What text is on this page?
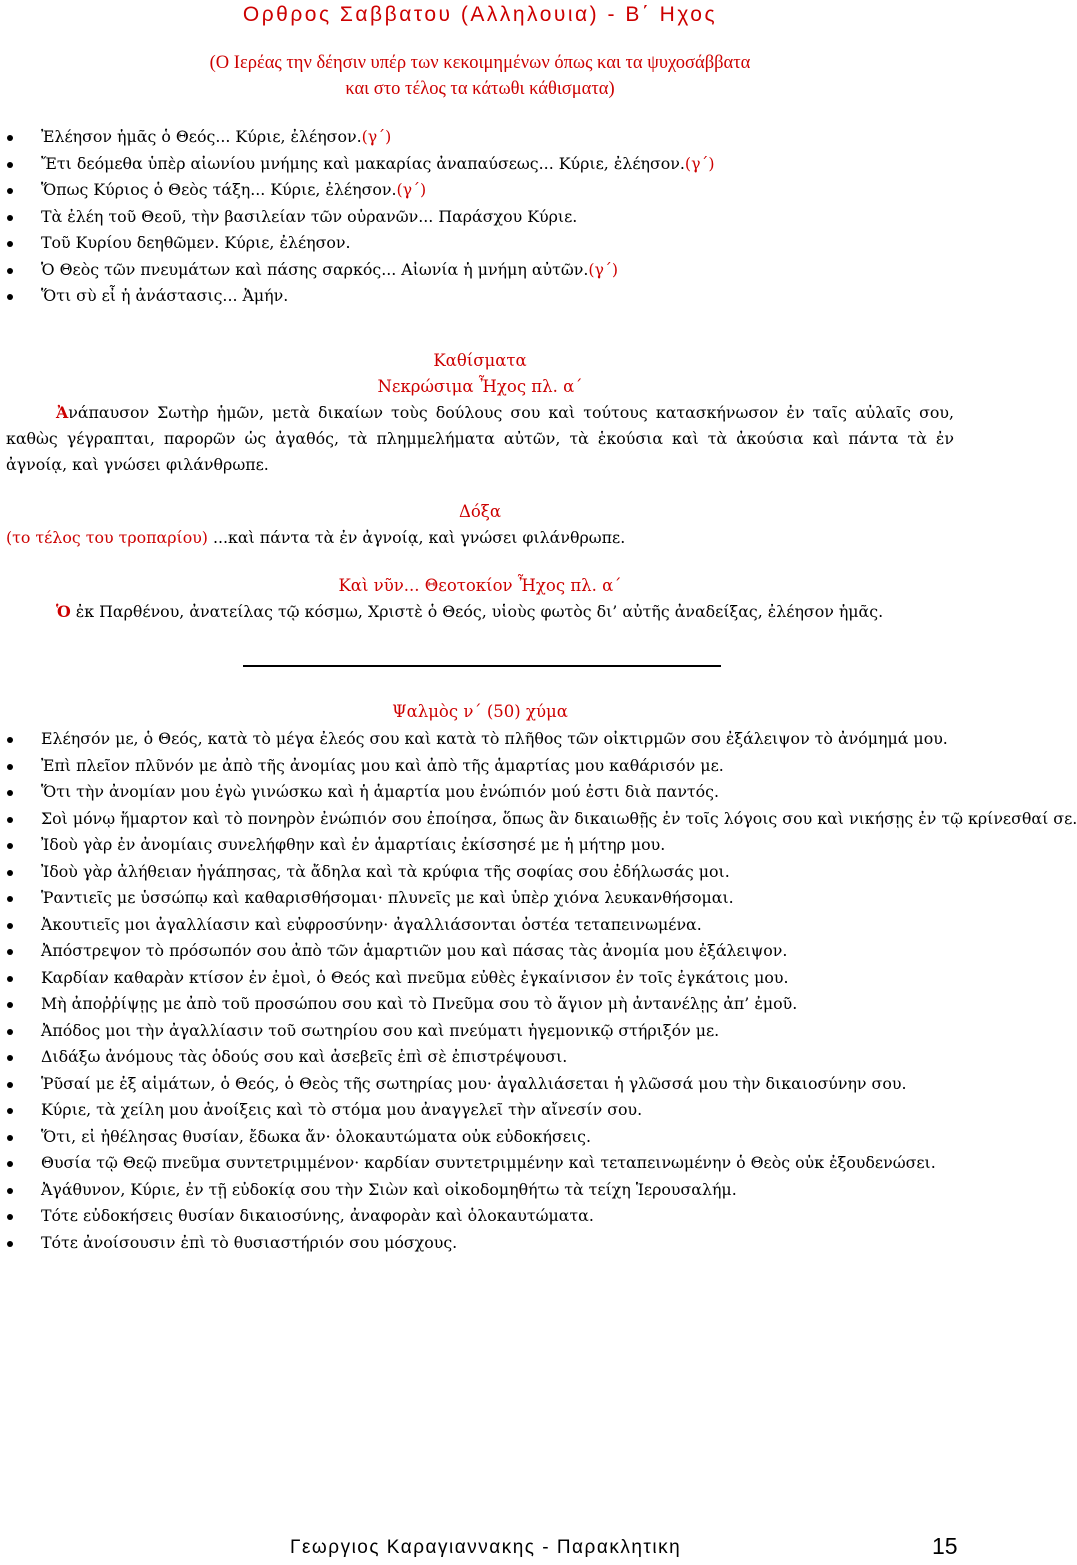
Ορθρος Σαββατου (Αλληλουια) - Β΄ Ηχος
(Ο Ιερέας την δέησιν υπέρ των κεκοιμημένων όπως και τα ψυχοσάββατα
και στο τέλος τα κάτωθι κάθισματα)
Ἐλέησον ἡμᾶς ὁ Θεός... Κύριε, ἐλέησον.(γ΄)
Ἔτι δεόμεθα ὑπὲρ αἰωνίου μνήμης καὶ μακαρίας ἀναπαύσεως... Κύριε, ἐλέησον.(γ΄)
Ὅπως Κύριος ὁ Θεὸς τάξη... Κύριε, ἐλέησον.(γ΄)
Τὰ ἐλέη τοῦ Θεοῦ, τὴν βασιλείαν τῶν οὐρανῶν... Παράσχου Κύριε.
Τοῦ Κυρίου δεηθῶμεν. Κύριε, ἐλέησον.
Ὁ Θεὸς τῶν πνευμάτων καὶ πάσης σαρκός... Αἰωνία ἡ μνήμη αὐτῶν.(γ΄)
Ὅτι σὺ εἶ ἡ ἀνάστασις... Ἀμήν.
Καθίσματα
Νεκρώσιμα Ἦχος πλ. α΄
Ἀνάπαυσον Σωτὴρ ἡμῶν, μετὰ δικαίων τοὺς δούλους σου καὶ τούτους κατασκήνωσον ἐν ταῖς αὐλαῖς σου, καθὼς γέγραπται, παρορῶν ὡς ἀγαθός, τὰ πλημμελήματα αὐτῶν, τὰ ἑκούσια καὶ τὰ ἀκούσια καὶ πάντα τὰ ἐν ἀγνοίᾳ, καὶ γνώσει φιλάνθρωπε.
Δόξα
(το τέλος του τροπαρίου) ...καὶ πάντα τὰ ἐν ἀγνοίᾳ, καὶ γνώσει φιλάνθρωπε.
Καὶ νῦν... Θεοτοκίον Ἦχος πλ. α΄
Ὁ ἐκ Παρθένου, ἀνατείλας τῷ κόσμω, Χριστὲ ὁ Θεός, υἱοὺς φωτὸς δι’ αὐτῆς ἀναδείξας, ἐλέησον ἡμᾶς.
Ψαλμὸς ν΄ (50) χύμα
Ελέησόν με, ὁ Θεός, κατὰ τὸ μέγα ἐλεός σου καὶ κατὰ τὸ πλῆθος τῶν οἰκτιρμῶν σου ἐξάλειψον τὸ ἀνόμημά μου.
Ἐπὶ πλεῖον πλῦνόν με ἀπὸ τῆς ἀνομίας μου καὶ ἀπὸ τῆς ἁμαρτίας μου καθάρισόν με.
Ὅτι τὴν ἀνομίαν μου ἐγὼ γινώσκω καὶ ἡ ἁμαρτία μου ἐνώπιόν μού ἐστι διὰ παντός.
Σοὶ μόνῳ ἥμαρτον καὶ τὸ πονηρὸν ἐνώπιόν σου ἐποίησα, ὅπως ἂν δικαιωθῇς ἐν τοῖς λόγοις σου καὶ νικήσῃς ἐν τῷ κρίνεσθαί σε.
Ἰδοὺ γὰρ ἐν ἀνομίαις συνελήφθην καὶ ἐν ἁμαρτίαις ἐκίσσησέ με ἡ μήτηρ μου.
Ἰδοὺ γὰρ ἀλήθειαν ἠγάπησας, τὰ ἄδηλα καὶ τὰ κρύφια τῆς σοφίας σου ἐδήλωσάς μοι.
Ῥαντιεῖς με ὑσσώπῳ καὶ καθαρισθήσομαι· πλυνεῖς με καὶ ὑπὲρ χιόνα λευκανθήσομαι.
Ἀκουτιεῖς μοι ἀγαλλίασιν καὶ εὐφροσύνην· ἀγαλλιάσονται ὀστέα τεταπεινωμένα.
Ἀπόστρεψον τὸ πρόσωπόν σου ἀπὸ τῶν ἁμαρτιῶν μου καὶ πάσας τὰς ἀνομία μου ἐξάλειψον.
Καρδίαν καθαρὰν κτίσον ἐν ἐμοὶ, ὁ Θεός καὶ πνεῦμα εὐθὲς ἐγκαίνισον ἐν τοῖς ἐγκάτοις μου.
Μὴ ἀποῤῥίψῃς με ἀπὸ τοῦ προσώπου σου καὶ τὸ Πνεῦμα σου τὸ ἅγιον μὴ ἀντανέλῃς ἀπ’ ἐμοῦ.
Ἀπόδος μοι τὴν ἀγαλλίασιν τοῦ σωτηρίου σου καὶ πνεύματι ἡγεμονικῷ στήριξόν με.
Διδάξω ἀνόμους τὰς ὁδούς σου καὶ ἀσεβεῖς ἐπὶ σὲ ἐπιστρέψουσι.
Ῥῦσαί με ἐξ αἱμάτων, ὁ Θεός, ὁ Θεὸς τῆς σωτηρίας μου· ἀγαλλιάσεται ἡ γλῶσσά μου τὴν δικαιοσύνην σου.
Κύριε, τὰ χείλη μου ἀνοίξεις καὶ τὸ στόμα μου ἀναγγελεῖ τὴν αἴνεσίν σου.
Ὅτι, εἰ ἠθέλησας θυσίαν, ἔδωκα ἄν· ὁλοκαυτώματα οὐκ εὐδοκήσεις.
Θυσία τῷ Θεῷ πνεῦμα συντετριμμένον· καρδίαν συντετριμμένην καὶ τεταπεινωμένην ὁ Θεὸς οὐκ ἐξουδενώσει.
Ἀγάθυνον, Κύριε, ἐν τῇ εὐδοκίᾳ σου τὴν Σιὼν καὶ οἰκοδομηθήτω τὰ τείχη Ἱερουσαλήμ.
Τότε εὐδοκήσεις θυσίαν δικαιοσύνης, ἀναφορὰν καὶ ὁλοκαυτώματα.
Τότε ἀνοίσουσιν ἐπὶ τὸ θυσιαστήριόν σου μόσχους.
Γεωργιος Καραγιαννακης - Παρακλητικη	15
